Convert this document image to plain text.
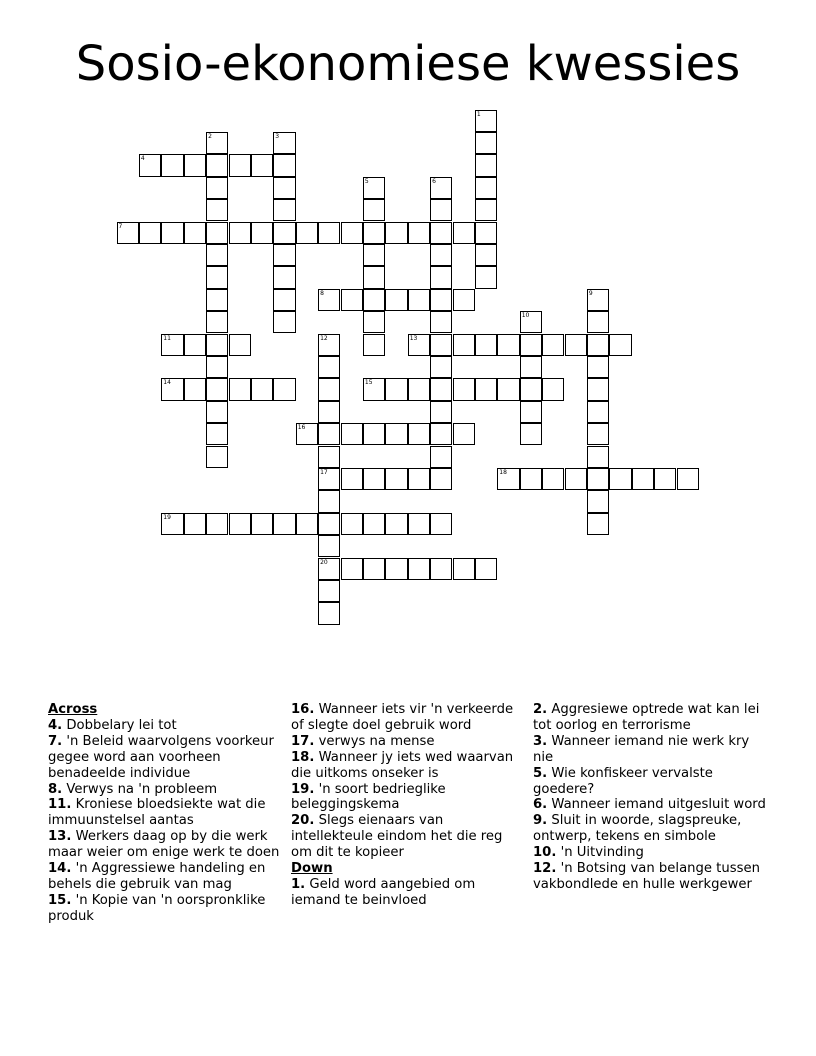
Sosio-ekonomiese kwessies
1
2	3
4
5	6
7
8	9
10
11	12
17
20
13
14	15
16
18
19
Across
4. Dobbelary lei tot
7. 'n Beleid waarvolgens voorkeur gegee word aan voorheen benadeelde individue
8. Verwys na 'n probleem
11. Kroniese bloedsiekte wat die immuunstelsel aantas
13. Werkers daag op by die werk maar weier om enige werk te doen
14. 'n Aggressiewe handeling en behels die gebruik van mag
15. 'n Kopie van 'n oorspronklike produk
16. Wanneer iets vir 'n verkeerde of slegte doel gebruik word
17. verwys na mense
18. Wanneer jy iets wed waarvan die uitkoms onseker is
19. 'n soort bedrieglike beleggingskema
20. Slegs eienaars van intellekteule eindom het die reg om dit te kopieer
Down
1. Geld word aangebied om iemand te beinvloed
2. Aggresiewe optrede wat kan lei tot oorlog en terrorisme
3. Wanneer iemand nie werk kry nie
5. Wie konfiskeer vervalste goedere?
6. Wanneer iemand uitgesluit word
9. Sluit in woorde, slagspreuke, ontwerp, tekens en simbole
10. 'n Uitvinding
12. 'n Botsing van belange tussen vakbondlede en hulle werkgewer
